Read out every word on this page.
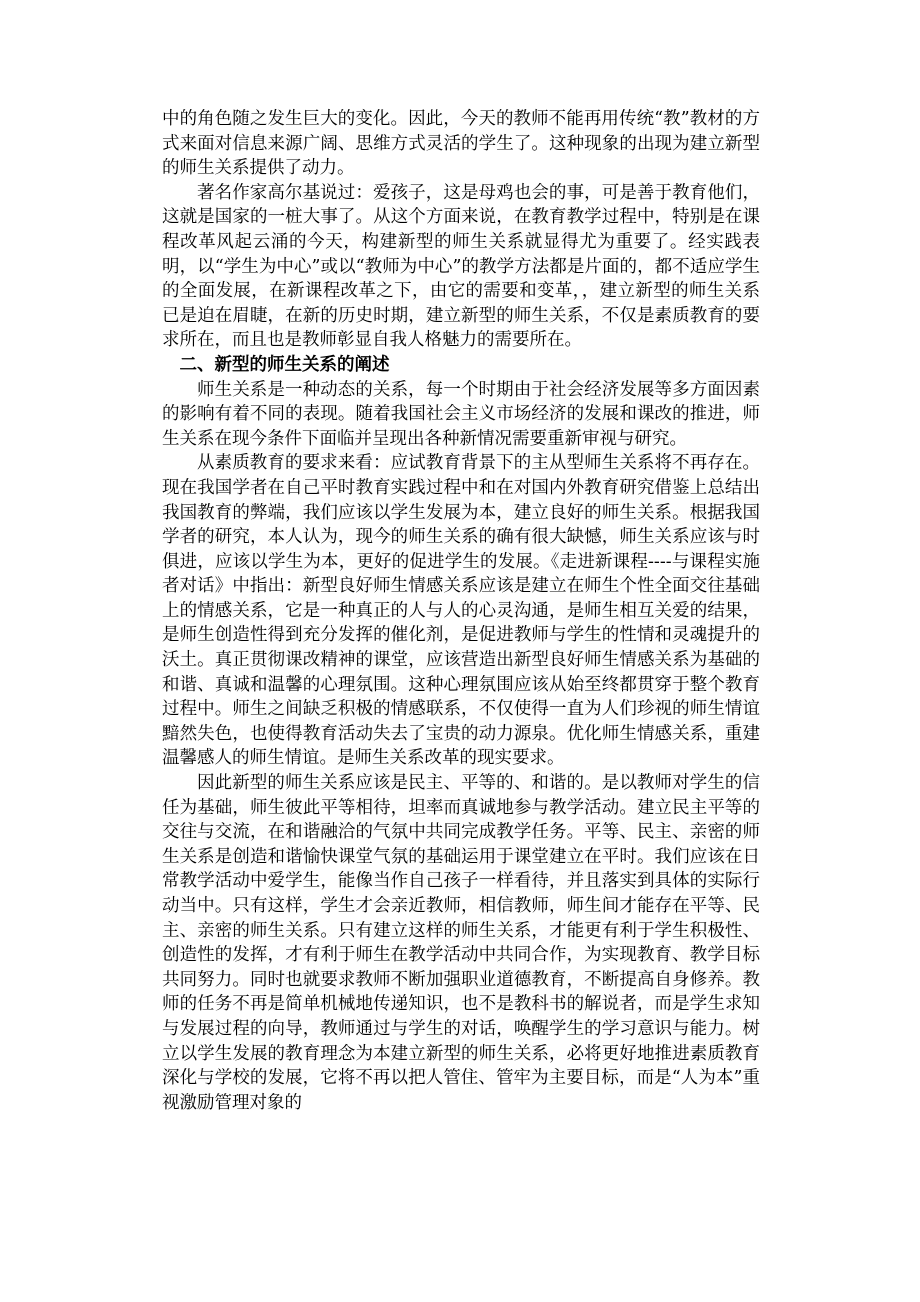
中的角色随之发生巨大的变化。因此，今天的教师不能再用传统“教”教材的方式来面对信息来源广阔、思维方式灵活的学生了。这种现象的出现为建立新型的师生关系提供了动力。

著名作家高尔基说过：爱孩子，这是母鸡也会的事，可是善于教育他们，这就是国家的一桩大事了。从这个方面来说，在教育教学过程中，特别是在课程改革风起云涌的今天，构建新型的师生关系就显得尤为重要了。经实践表明，以“学生为中心”或以“教师为中心”的教学方法都是片面的，都不适应学生的全面发展，在新课程改革之下，由它的需要和变革，，建立新型的师生关系已是迫在眉睫，在新的历史时期，建立新型的师生关系，不仅是素质教育的要求所在，而且也是教师彰显自我人格魅力的需要所在。

二、新型的师生关系的阐述

师生关系是一种动态的关系，每一个时期由于社会经济发展等多方面因素的影响有着不同的表现。随着我国社会主义市场经济的发展和课改的推进，师生关系在现今条件下面临并呈现出各种新情况需要重新审视与研究。

从素质教育的要求来看：应试教育背景下的主从型师生关系将不再存在。现在我国学者在自己平时教育实践过程中和在对国内外教育研究借鉴上总结出我国教育的弊端，我们应该以学生发展为本，建立良好的师生关系。根据我国学者的研究，本人认为，现今的师生关系的确有很大缺憾，师生关系应该与时俱进，应该以学生为本，更好的促进学生的发展。《走进新课程----与课程实施者对话》中指出：新型良好师生情感关系应该是建立在师生个性全面交往基础上的情感关系，它是一种真正的人与人的心灵沟通，是师生相互关爱的结果，是师生创造性得到充分发挥的催化剂，是促进教师与学生的性情和灵魂提升的沃土。真正贯彻课改精神的课堂，应该营造出新型良好师生情感关系为基础的和谐、真诚和温馨的心理氛围。这种心理氛围应该从始至终都贯穿于整个教育过程中。师生之间缺乏积极的情感联系，不仅使得一直为人们珍视的师生情谊黯然失色，也使得教育活动失去了宝贵的动力源泉。优化师生情感关系，重建温馨感人的师生情谊。是师生关系改革的现实要求。

因此新型的师生关系应该是民主、平等的、和谐的。是以教师对学生的信任为基础，师生彼此平等相待，坦率而真诚地参与教学活动。建立民主平等的交往与交流，在和谐融洽的气氛中共同完成教学任务。平等、民主、亲密的师生关系是创造和谐愉快课堂气氛的基础运用于课堂建立在平时。我们应该在日常教学活动中爱学生，能像当作自己孩子一样看待，并且落实到具体的实际行动当中。只有这样，学生才会亲近教师，相信教师，师生间才能存在平等、民主、亲密的师生关系。只有建立这样的师生关系，才能更有利于学生积极性、创造性的发挥，才有利于师生在教学活动中共同合作，为实现教育、教学目标共同努力。同时也就要求教师不断加强职业道德教育，不断提高自身修养。教师的任务不再是简单机械地传递知识，也不是教科书的解说者，而是学生求知与发展过程的向导，教师通过与学生的对话，唤醒学生的学习意识与能力。树立以学生发展的教育理念为本建立新型的师生关系，必将更好地推进素质教育深化与学校的发展，它将不再以把人管住、管牢为主要目标，而是“人为本”重视激励管理对象的
